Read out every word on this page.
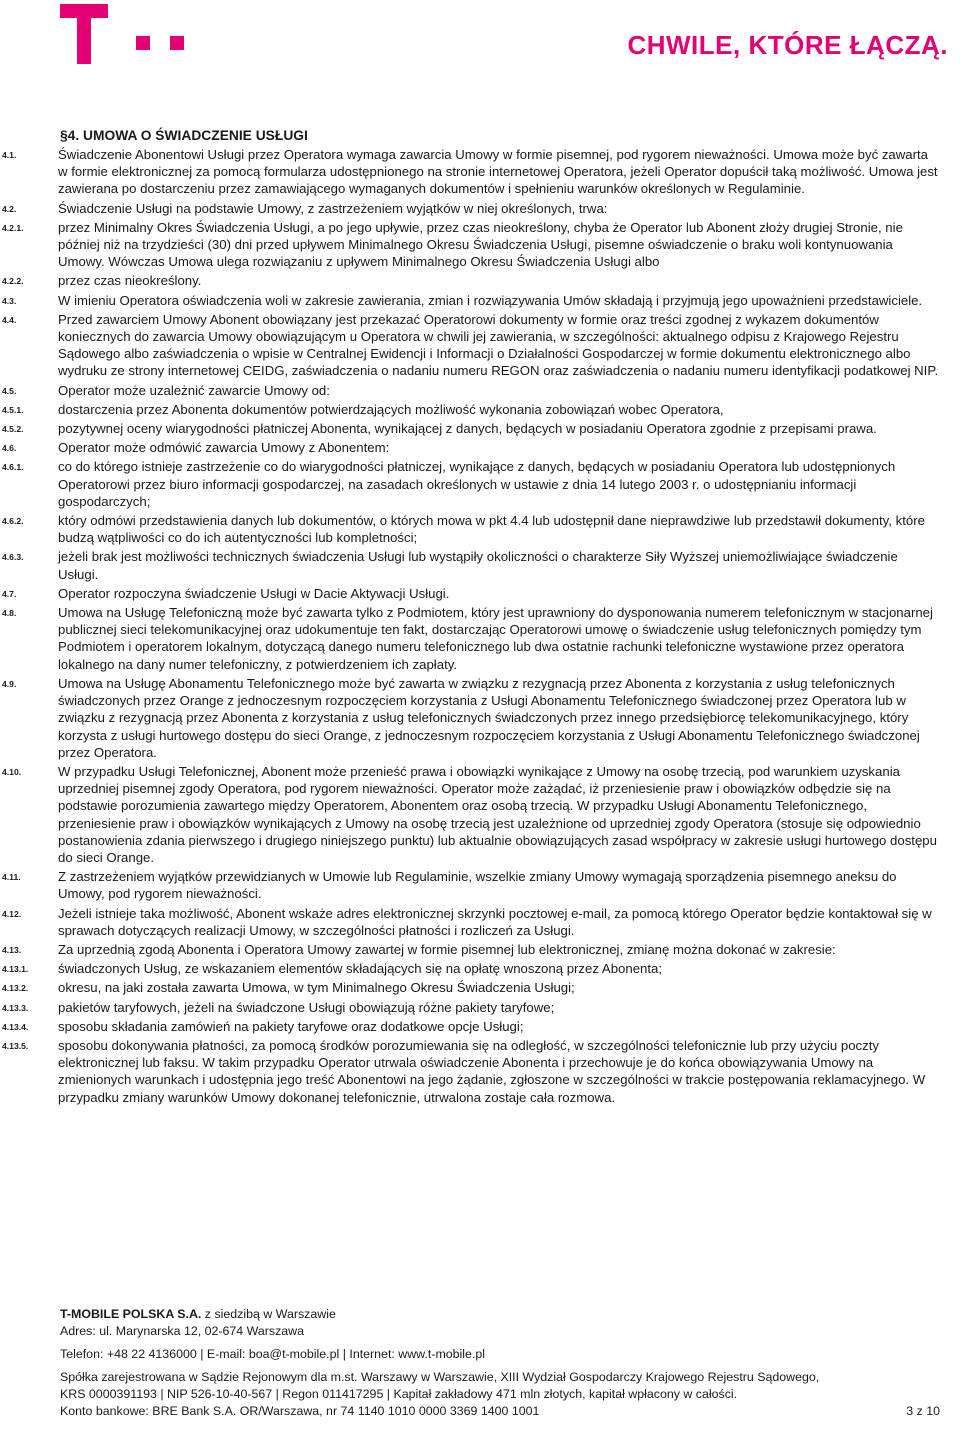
CHWILE, KTÓRE ŁĄCZĄ.
§4. UMOWA O ŚWIADCZENIE USŁUGI
4.1.	Świadczenie Abonentowi Usługi przez Operatora wymaga zawarcia Umowy w formie pisemnej, pod rygorem nieważności. Umowa może być zawarta w formie elektronicznej za pomocą formularza udostępnionego na stronie internetowej Operatora, jeżeli Operator dopuścił taką możliwość. Umowa jest zawierana po dostarczeniu przez zamawiającego wymaganych dokumentów i spełnieniu warunków określonych w Regulaminie.
4.2.	Świadczenie Usługi na podstawie Umowy, z zastrzeżeniem wyjątków w niej określonych, trwa:
4.2.1.	przez Minimalny Okres Świadczenia Usługi, a po jego upływie, przez czas nieokreślony, chyba że Operator lub Abonent złoży drugiej Stronie, nie później niż na trzydzieści (30) dni przed upływem Minimalnego Okresu Świadczenia Usługi, pisemne oświadczenie o braku woli kontynuowania Umowy. Wówczas Umowa ulega rozwiązaniu z upływem Minimalnego Okresu Świadczenia Usługi albo
4.2.2.	przez czas nieokreślony.
4.3.	W imieniu Operatora oświadczenia woli w zakresie zawierania, zmian i rozwiązywania Umów składają i przyjmują jego upoważnieni przedstawiciele.
4.4.	Przed zawarciem Umowy Abonent obowiązany jest przekazać Operatorowi dokumenty w formie oraz treści zgodnej z wykazem dokumentów koniecznych do zawarcia Umowy obowiązującym u Operatora w chwili jej zawierania, w szczególności: aktualnego odpisu z Krajowego Rejestru Sądowego albo zaświadczenia o wpisie w Centralnej Ewidencji i Informacji o Działalności Gospodarczej w formie dokumentu elektronicznego albo wydruku ze strony internetowej CEIDG, zaświadczenia o nadaniu numeru REGON oraz zaświadczenia o nadaniu numeru identyfikacji podatkowej NIP.
4.5.	Operator może uzależnić zawarcie Umowy od:
4.5.1.	dostarczenia przez Abonenta dokumentów potwierdzających możliwość wykonania zobowiązań wobec Operatora,
4.5.2.	pozytywnej oceny wiarygodności płatniczej Abonenta, wynikającej z danych, będących w posiadaniu Operatora zgodnie z przepisami prawa.
4.6.	Operator może odmówić zawarcia Umowy z Abonentem:
4.6.1.	co do którego istnieje zastrzeżenie co do wiarygodności płatniczej, wynikające z danych, będących w posiadaniu Operatora lub udostępnionych Operatorowi przez biuro informacji gospodarczej, na zasadach określonych w ustawie z dnia 14 lutego 2003 r. o udostępnianiu informacji gospodarczych;
4.6.2.	który odmówi przedstawienia danych lub dokumentów, o których mowa w pkt 4.4 lub udostępnił dane nieprawdziwe lub przedstawił dokumenty, które budzą wątpliwości co do ich autentyczności lub kompletności;
4.6.3.	jeżeli brak jest możliwości technicznych świadczenia Usługi lub wystąpiły okoliczności o charakterze Siły Wyższej uniemożliwiające świadczenie Usługi.
4.7.	Operator rozpoczyna świadczenie Usługi w Dacie Aktywacji Usługi.
4.8.	Umowa na Usługę Telefoniczną może być zawarta tylko z Podmiotem, który jest uprawniony do dysponowania numerem telefonicznym w stacjonarnej publicznej sieci telekomunikacyjnej oraz udokumentuje ten fakt, dostarczając Operatorowi umowę o świadczenie usług telefonicznych pomiędzy tym Podmiotem i operatorem lokalnym, dotyczącą danego numeru telefonicznego lub dwa ostatnie rachunki telefoniczne wystawione przez operatora lokalnego na dany numer telefoniczny, z potwierdzeniem ich zapłaty.
4.9.	Umowa na Usługę Abonamentu Telefonicznego może być zawarta w związku z rezygnacją przez Abonenta z korzystania z usług telefonicznych świadczonych przez Orange z jednoczesnym rozpoczęciem korzystania z Usługi Abonamentu Telefonicznego świadczonej przez Operatora lub w związku z rezygnacją przez Abonenta z korzystania z usług telefonicznych świadczonych przez innego przedsiębiorcę telekomunikacyjnego, który korzysta z usługi hurtowego dostępu do sieci Orange, z jednoczesnym rozpoczęciem korzystania z Usługi Abonamentu Telefonicznego świadczonej przez Operatora.
4.10.	W przypadku Usługi Telefonicznej, Abonent może przenieść prawa i obowiązki wynikające z Umowy na osobę trzecią, pod warunkiem uzyskania uprzedniej pisemnej zgody Operatora, pod rygorem nieważności. Operator może zażądać, iż przeniesienie praw i obowiązków odbędzie się na podstawie porozumienia zawartego między Operatorem, Abonentem oraz osobą trzecią. W przypadku Usługi Abonamentu Telefonicznego, przeniesienie praw i obowiązków wynikających z Umowy na osobę trzecią jest uzależnione od uprzedniej zgody Operatora (stosuje się odpowiednio postanowienia zdania pierwszego i drugiego niniejszego punktu) lub aktualnie obowiązujących zasad współpracy w zakresie usługi hurtowego dostępu do sieci Orange.
4.11.	Z zastrzeżeniem wyjątków przewidzianych w Umowie lub Regulaminie, wszelkie zmiany Umowy wymagają sporządzenia pisemnego aneksu do Umowy, pod rygorem nieważności.
4.12.	Jeżeli istnieje taka możliwość, Abonent wskaże adres elektronicznej skrzynki pocztowej e-mail, za pomocą którego Operator będzie kontaktował się w sprawach dotyczących realizacji Umowy, w szczególności płatności i rozliczeń za Usługi.
4.13.	Za uprzednią zgodą Abonenta i Operatora Umowy zawartej w formie pisemnej lub elektronicznej, zmianę można dokonać w zakresie:
4.13.1.	świadczonych Usług, ze wskazaniem elementów składających się na opłatę wnoszoną przez Abonenta;
4.13.2.	okresu, na jaki została zawarta Umowa, w tym Minimalnego Okresu Świadczenia Usługi;
4.13.3.	pakietów taryfowych, jeżeli na świadczone Usługi obowiązują różne pakiety taryfowe;
4.13.4.	sposobu składania zamówień na pakiety taryfowe oraz dodatkowe opcje Usługi;
4.13.5.	sposobu dokonywania płatności, za pomocą środków porozumiewania się na odległość, w szczególności telefonicznie lub przy użyciu poczty elektronicznej lub faksu. W takim przypadku Operator utrwala oświadczenie Abonenta i przechowuje je do końca obowiązywania Umowy na zmienionych warunkach i udostępnia jego treść Abonentowi na jego żądanie, zgłoszone w szczególności w trakcie postępowania reklamacyjnego. W przypadku zmiany warunków Umowy dokonanej telefonicznie, utrwalona zostaje cała rozmowa.
T-MOBILE POLSKA S.A. z siedzibą w Warszawie
Adres: ul. Marynarska 12, 02-674 Warszawa
Telefon: +48 22 4136000 | E-mail: boa@t-mobile.pl | Internet: www.t-mobile.pl
Spółka zarejestrowana w Sądzie Rejonowym dla m.st. Warszawy w Warszawie, XIII Wydział Gospodarczy Krajowego Rejestru Sądowego,
KRS 0000391193 | NIP 526-10-40-567 | Regon 011417295 | Kapitał zakładowy 471 mln złotych, kapitał wpłacony w całości.
Konto bankowe: BRE Bank S.A. OR/Warszawa, nr 74 1140 1010 0000 3369 1400 1001	3 z 10
